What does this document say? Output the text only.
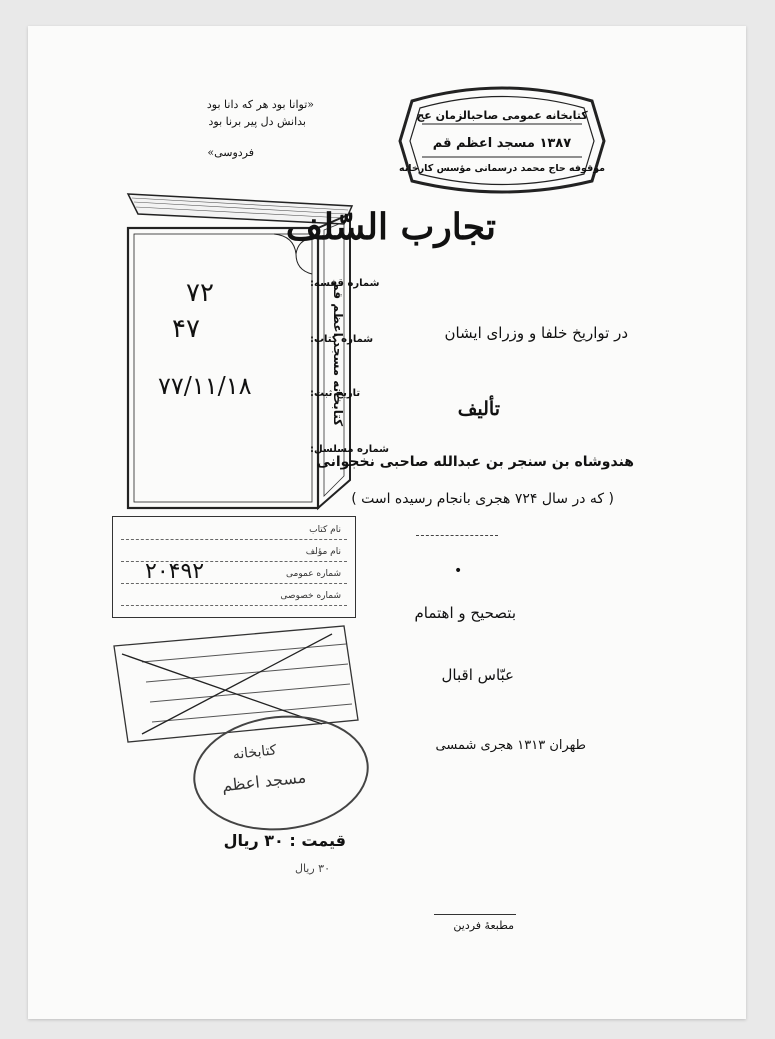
«توانا بود هر که دانا بود
بدانش دل پیر برنا بود
فردوسی»
کتابخانه عمومی صاحبالزمان عج
۱۳۸۷ مسجد اعظم قم
موقوفه حاج محمد درسمانی مؤسس کارخانه
کتابخانه مسجد اعظم قم
شماره قفسه:
۷۲
شماره کتاب:
۴۷
تاریخ ثبت:
۷۷/۱۱/۱۸
شماره مسلسل:
نام کتاب
نام مؤلف
شماره عمومی
شماره خصوصی
۲۰۴۹۲
کتابخانه
مسجد اعظم
تجارب السّلف
در تواریخ خلفا و وزرای ایشان
تألیف
هندوشاه بن سنجر بن عبدالله صاحبی نخجوانی
( که در سال ۷۲۴ هجری بانجام رسیده است )
•
بتصحیح و اهتمام
عبّاس اقبال
طهران ۱۳۱۳ هجری شمسی
قیمت : ۳۰ ریال
۳۰ ریال
مطبعهٔ فردین
